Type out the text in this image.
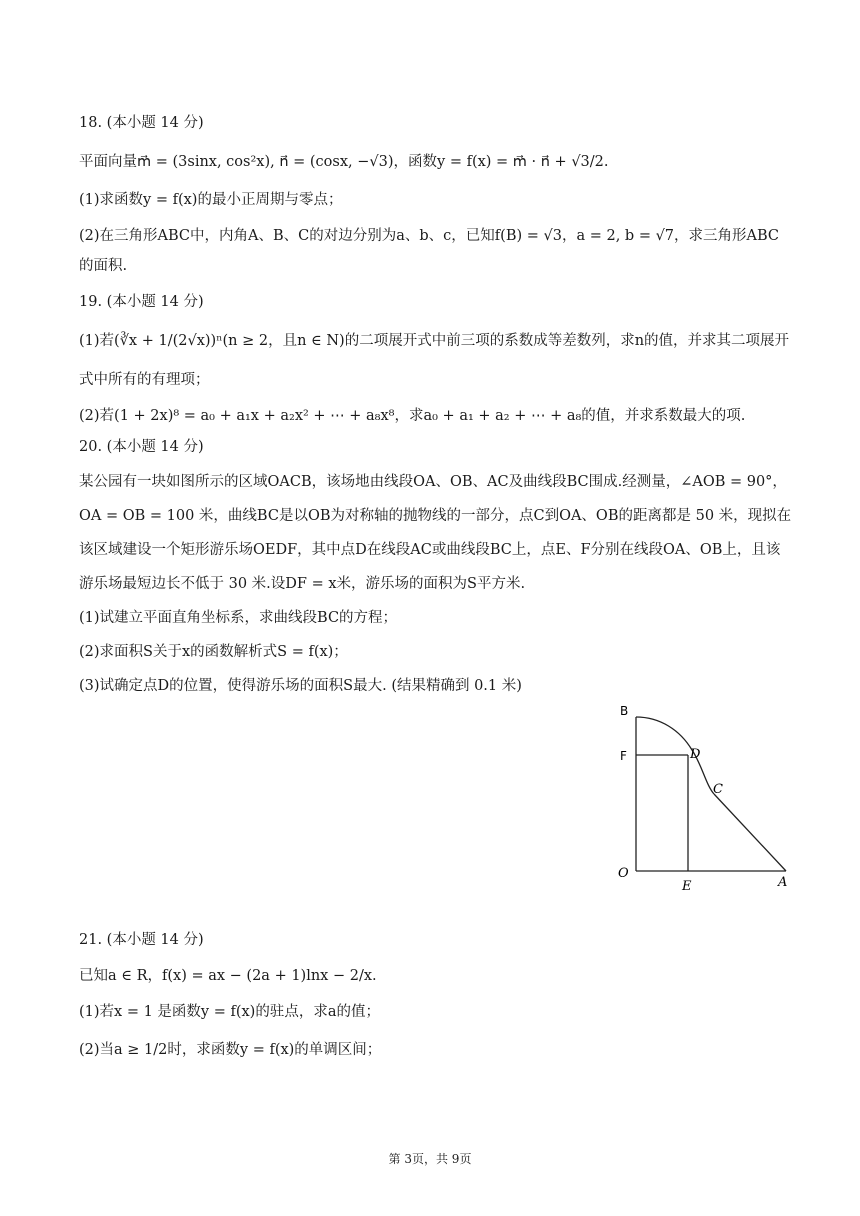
18. (本小题 14 分)
平面向量m⃗ = (3sinx, cos²x), n⃗ = (cosx, −√3)，函数y = f(x) = m⃗ · n⃗ + √3/2.
(1)求函数y = f(x)的最小正周期与零点；
(2)在三角形ABC中，内角A、B、C的对边分别为a、b、c，已知f(B) = √3，a = 2, b = √7，求三角形ABC
的面积.
19. (本小题 14 分)
(1)若(∛x + 1/(2√x))ⁿ(n ≥ 2，且n ∈ N)的二项展开式中前三项的系数成等差数列，求n的值，并求其二项展开
式中所有的有理项；
(2)若(1 + 2x)⁸ = a₀ + a₁x + a₂x² + ⋯ + a₈x⁸，求a₀ + a₁ + a₂ + ⋯ + a₈的值，并求系数最大的项.
20. (本小题 14 分)
某公园有一块如图所示的区域OACB，该场地由线段OA、OB、AC及曲线段BC围成.经测量，∠AOB = 90°，
OA = OB = 100 米，曲线BC是以OB为对称轴的抛物线的一部分，点C到OA、OB的距离都是 50 米，现拟在
该区域建设一个矩形游乐场OEDF，其中点D在线段AC或曲线段BC上，点E、F分别在线段OA、OB上，且该
游乐场最短边长不低于 30 米.设DF = x米，游乐场的面积为S平方米.
(1)试建立平面直角坐标系，求曲线段BC的方程；
(2)求面积S关于x的函数解析式S = f(x)；
(3)试确定点D的位置，使得游乐场的面积S最大. (结果精确到 0.1 米)
B
F	D
C
O
E	A
21. (本小题 14 分)
已知a ∈ R，f(x) = ax − (2a + 1)lnx − 2/x.
(1)若x = 1 是函数y = f(x)的驻点，求a的值；
(2)当a ≥ 1/2时，求函数y = f(x)的单调区间；
第 3页，共 9页
